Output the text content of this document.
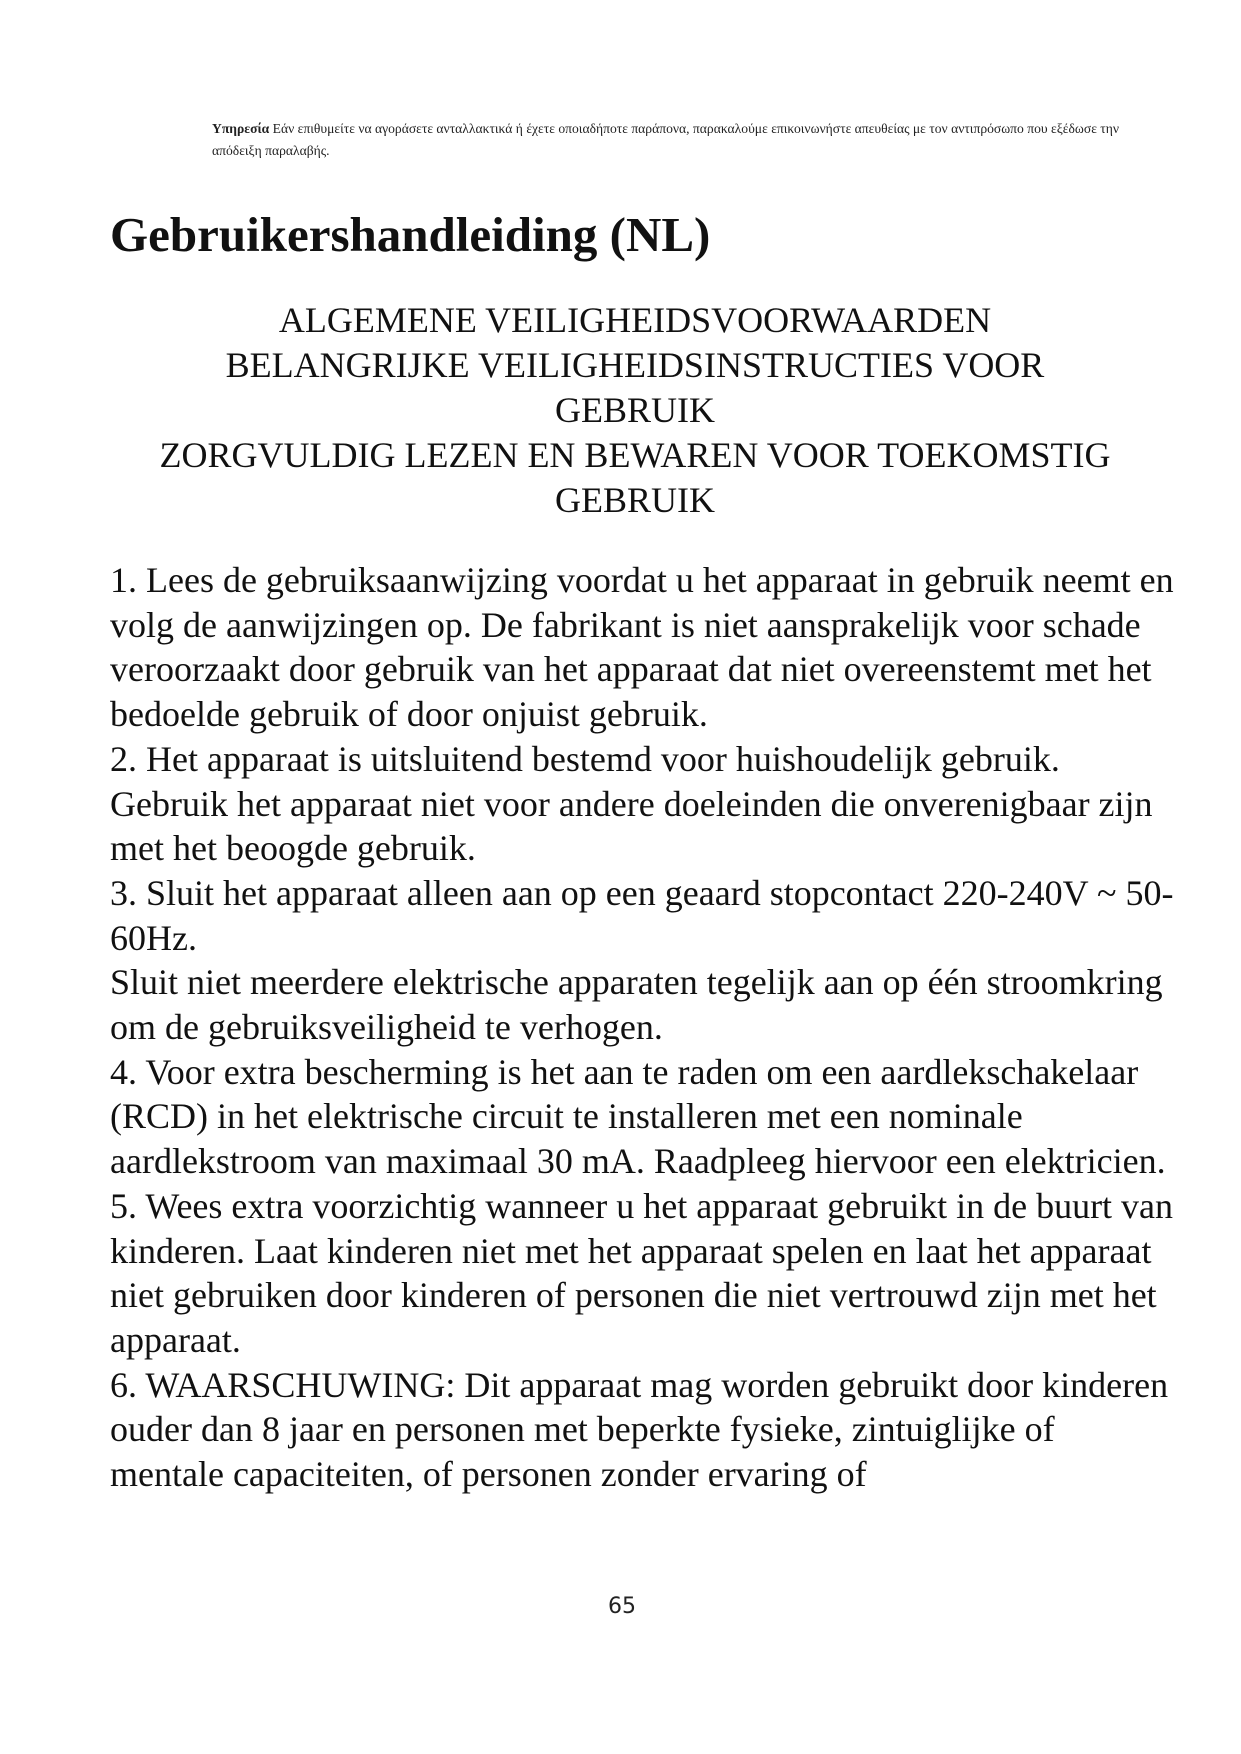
Υπηρεσία Εάν επιθυμείτε να αγοράσετε ανταλλακτικά ή έχετε οποιαδήποτε παράπονα, παρακαλούμε επικοινωνήστε απευθείας με τον αντιπρόσωπο που εξέδωσε την απόδειξη παραλαβής.
Gebruikershandleiding (NL)
ALGEMENE VEILIGHEIDSVOORWAARDEN
BELANGRIJKE VEILIGHEIDSINSTRUCTIES VOOR
GEBRUIK
ZORGVULDIG LEZEN EN BEWAREN VOOR TOEKOMSTIG
GEBRUIK

1. Lees de gebruiksaanwijzing voordat u het apparaat in gebruik neemt en volg de aanwijzingen op. De fabrikant is niet aansprakelijk voor schade veroorzaakt door gebruik van het apparaat dat niet overeenstemt met het bedoelde gebruik of door onjuist gebruik.

2. Het apparaat is uitsluitend bestemd voor huishoudelijk gebruik. Gebruik het apparaat niet voor andere doeleinden die onverenigbaar zijn met het beoogde gebruik.

3. Sluit het apparaat alleen aan op een geaard stopcontact 220-240V ~ 50-60Hz.

Sluit niet meerdere elektrische apparaten tegelijk aan op één stroomkring om de gebruiksveiligheid te verhogen.

4. Voor extra bescherming is het aan te raden om een aardlekschakelaar (RCD) in het elektrische circuit te installeren met een nominale aardlekstroom van maximaal 30 mA. Raadpleeg hiervoor een elektricien.

5. Wees extra voorzichtig wanneer u het apparaat gebruikt in de buurt van kinderen. Laat kinderen niet met het apparaat spelen en laat het apparaat niet gebruiken door kinderen of personen die niet vertrouwd zijn met het apparaat.

6. WAARSCHUWING: Dit apparaat mag worden gebruikt door kinderen ouder dan 8 jaar en personen met beperkte fysieke, zintuiglijke of mentale capaciteiten, of personen zonder ervaring of

65
